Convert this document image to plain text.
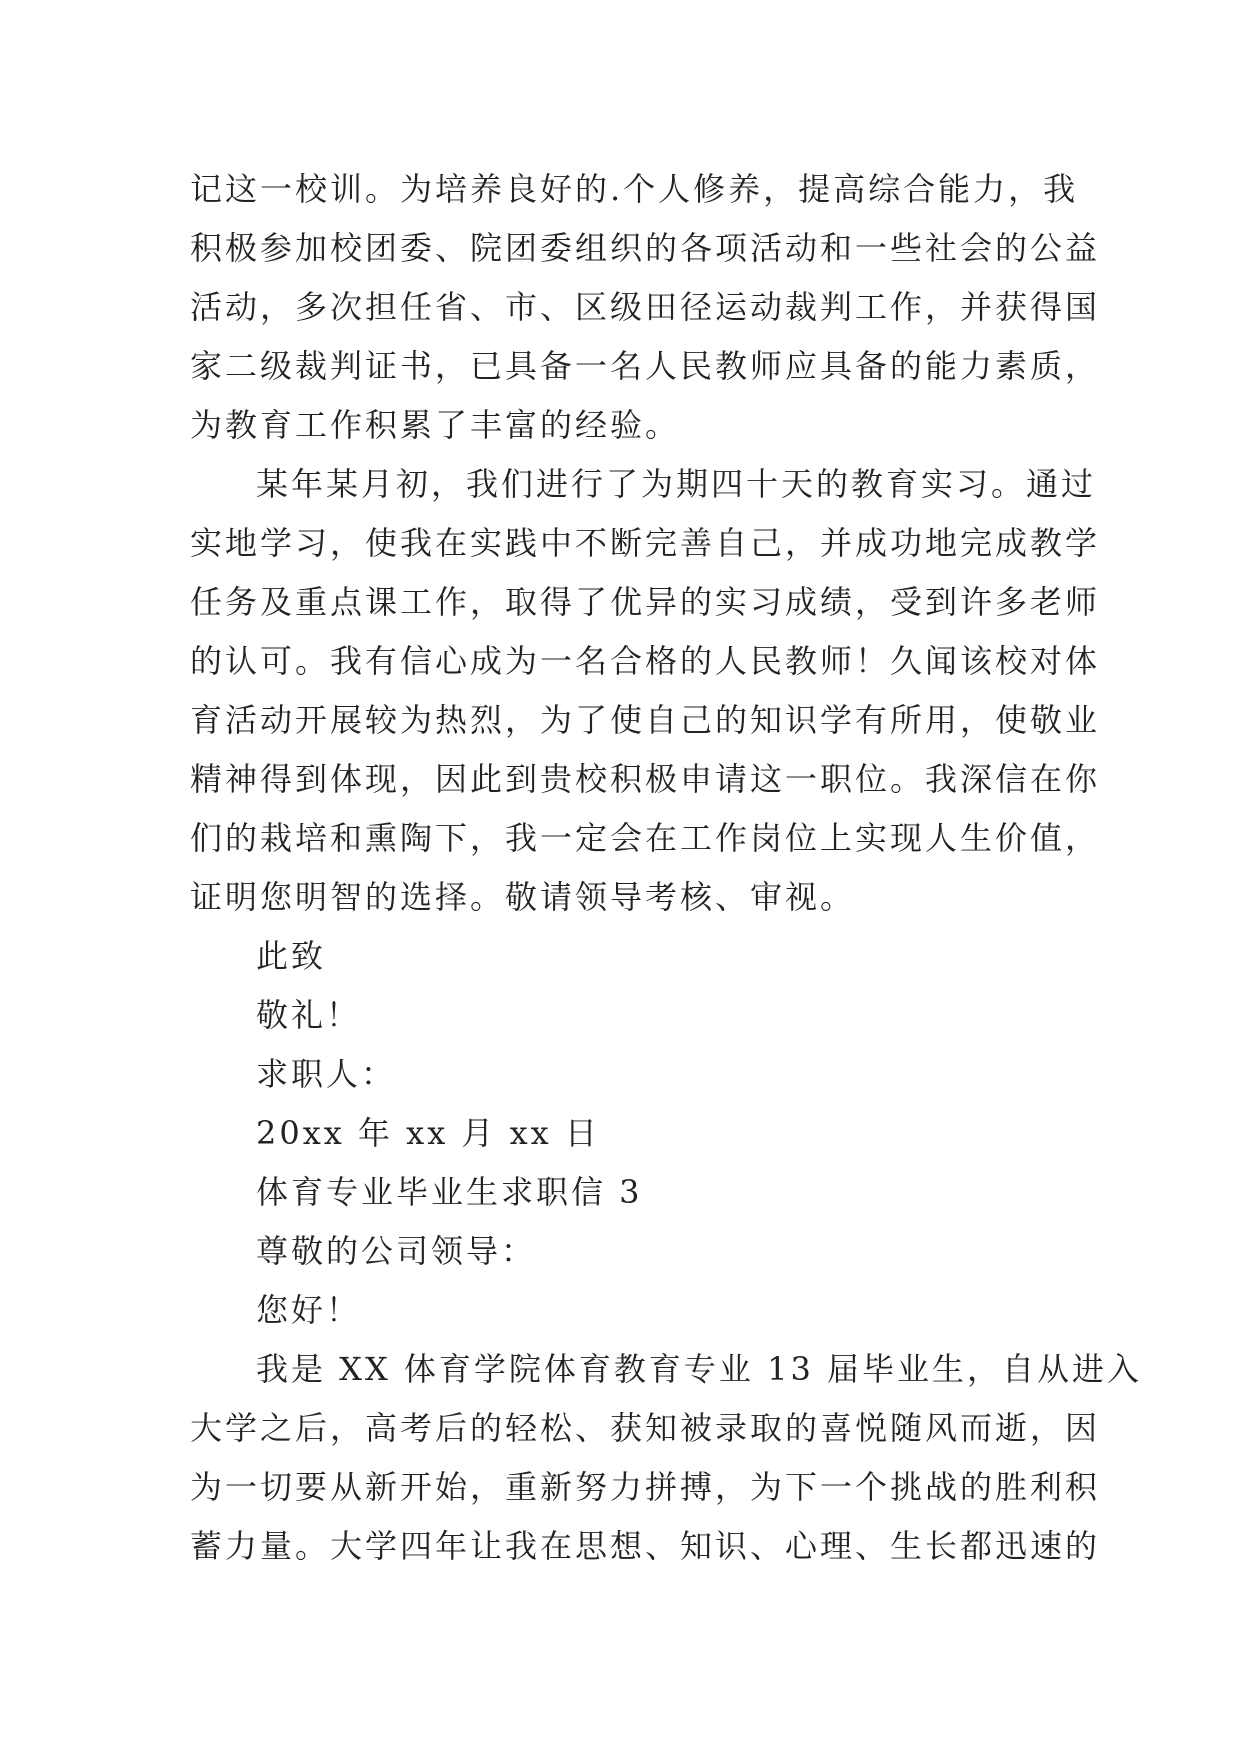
记这一校训。为培养良好的.个人修养，提高综合能力，我
积极参加校团委、院团委组织的各项活动和一些社会的公益
活动，多次担任省、市、区级田径运动裁判工作，并获得国
家二级裁判证书，已具备一名人民教师应具备的能力素质，
为教育工作积累了丰富的经验。
某年某月初，我们进行了为期四十天的教育实习。通过
实地学习，使我在实践中不断完善自己，并成功地完成教学
任务及重点课工作，取得了优异的实习成绩，受到许多老师
的认可。我有信心成为一名合格的人民教师！久闻该校对体
育活动开展较为热烈，为了使自己的知识学有所用，使敬业
精神得到体现，因此到贵校积极申请这一职位。我深信在你
们的栽培和熏陶下，我一定会在工作岗位上实现人生价值，
证明您明智的选择。敬请领导考核、审视。
此致
敬礼！
求职人：
20xx 年 xx 月 xx 日
体育专业毕业生求职信 3
尊敬的公司领导：
您好！
我是 XX 体育学院体育教育专业 13 届毕业生，自从进入
大学之后，高考后的轻松、获知被录取的喜悦随风而逝，因
为一切要从新开始，重新努力拼搏，为下一个挑战的胜利积
蓄力量。大学四年让我在思想、知识、心理、生长都迅速的
